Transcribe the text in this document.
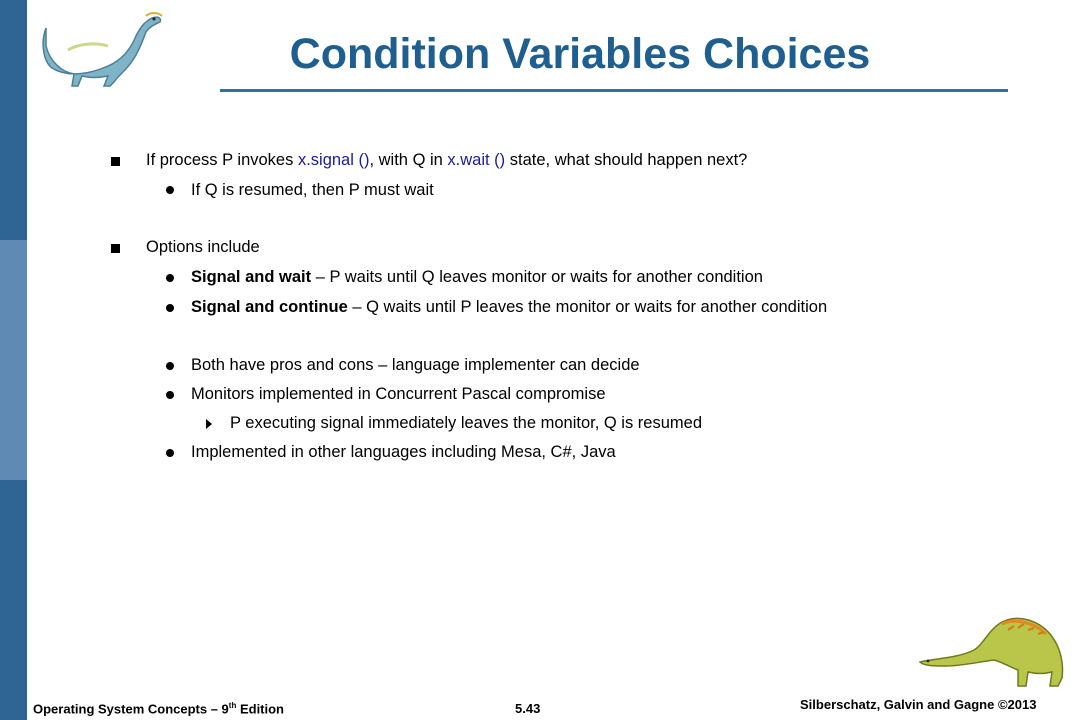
Condition Variables Choices
If process P invokes x.signal (), with Q in x.wait () state, what should happen next?
If Q is resumed, then P must wait
Options include
Signal and wait – P waits until Q leaves monitor or waits for another condition
Signal and continue – Q waits until P leaves the monitor or waits for another condition
Both have pros and cons – language implementer can decide
Monitors implemented in Concurrent Pascal compromise
P executing signal immediately leaves the monitor, Q is resumed
Implemented in other languages including Mesa, C#, Java
Operating System Concepts – 9th Edition	5.43	Silberschatz, Galvin and Gagne ©2013
